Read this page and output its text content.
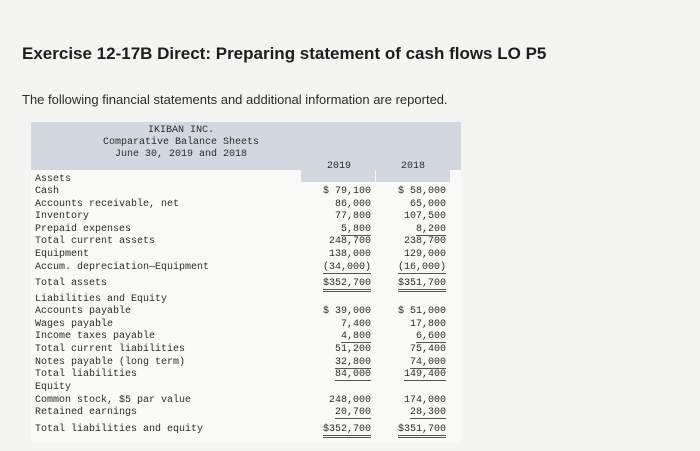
Exercise 12-17B Direct: Preparing statement of cash flows LO P5
The following financial statements and additional information are reported.
IKIBAN INC.
Comparative Balance Sheets
June 30, 2019 and 2018
2019	2018
Assets
Cash	$ 79,100	$ 58,000
Accounts receivable, net	86,000	65,000
Inventory	77,800	107,500
Prepaid expenses	5,800	8,200
Total current assets	248,700	238,700
Equipment	138,000	129,000
Accum. depreciation—Equipment	(34,000)	(16,000)
Total assets	$352,700	$351,700
Liabilities and Equity
Accounts payable	$ 39,000	$ 51,000
Wages payable	7,400	17,800
Income taxes payable	4,800	6,600
Total current liabilities	51,200	75,400
Notes payable (long term)	32,800	74,000
Total liabilities	84,000	149,400
Equity
Common stock, $5 par value	248,000	174,000
Retained earnings	20,700	28,300
Total liabilities and equity	$352,700	$351,700
